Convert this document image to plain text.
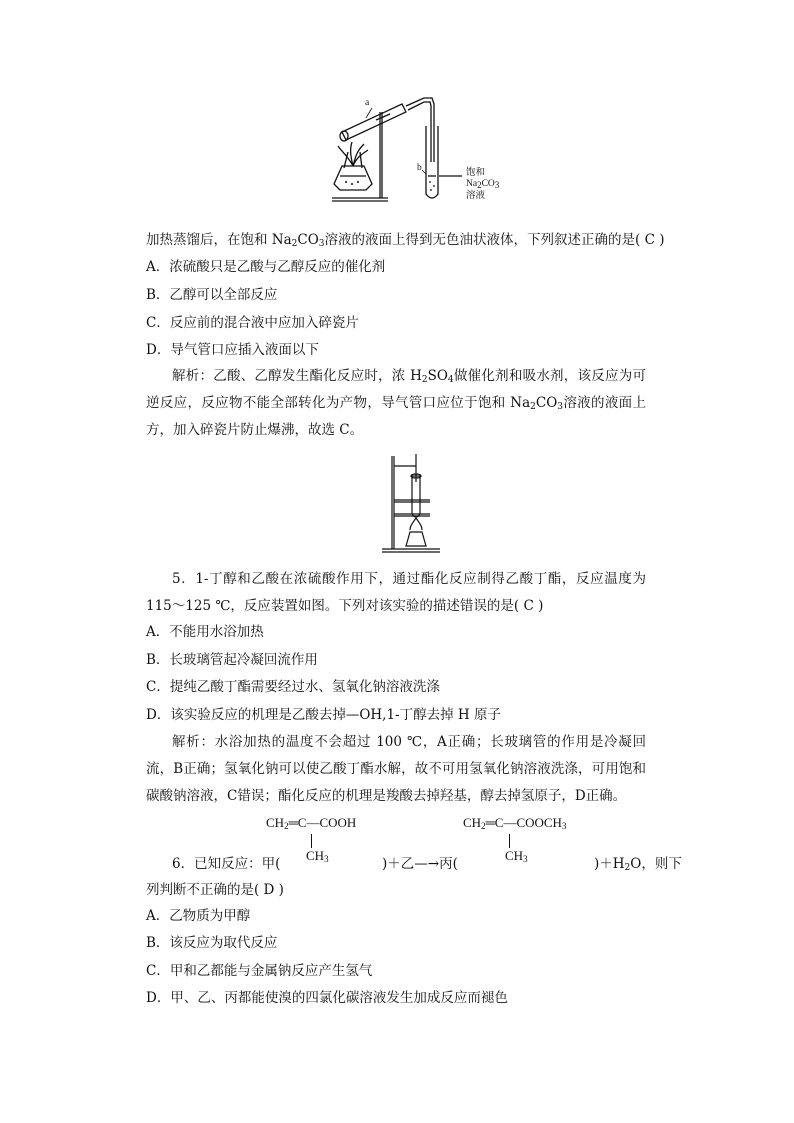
a
b	饱和
$Na_2CO_3$
溶液
加热蒸馏后，在饱和 $Na_2CO_3$溶液的液面上得到无色油状液体，下列叙述正确的是( C )
A．浓硫酸只是乙酸与乙醇反应的催化剂
B．乙醇可以全部反应
C．反应前的混合液中应加入碎瓷片
D．导气管口应插入液面以下
解析：乙酸、乙醇发生酯化反应时，浓 $H_2SO_4$做催化剂和吸水剂，该反应为可逆反应，反应物不能全部转化为产物，导气管口应位于饱和 $Na_2CO_3$溶液的液面上方，加入碎瓷片防止爆沸，故选 C。
5．1-丁醇和乙酸在浓硫酸作用下，通过酯化反应制得乙酸丁酯，反应温度为 115～125 ℃，反应装置如图。下列对该实验的描述错误的是( C )
A．不能用水浴加热
B．长玻璃管起冷凝回流作用
C．提纯乙酸丁酯需要经过水、氢氧化钠溶液洗涤
D．该实验反应的机理是乙酸去掉—OH,1-丁醇去掉 H 原子
解析：水浴加热的温度不会超过 100 ℃，A正确；长玻璃管的作用是冷凝回流，B正确；氢氧化钠可以使乙酸丁酯水解，故不可用氢氧化钠溶液洗涤，可用饱和碳酸钠溶液，C错误；酯化反应的机理是羧酸去掉羟基，醇去掉氢原子，D正确。
$CH_2═C—COOH$
$CH_3$
$CH_2═C—COOCH_3$
$CH_3$
6．已知反应：甲(	)＋乙—→丙(	)$+H_2O$，则下
列判断不正确的是( D )
A．乙物质为甲醇
B．该反应为取代反应
C．甲和乙都能与金属钠反应产生氢气
D．甲、乙、丙都能使溴的四氯化碳溶液发生加成反应而褪色
